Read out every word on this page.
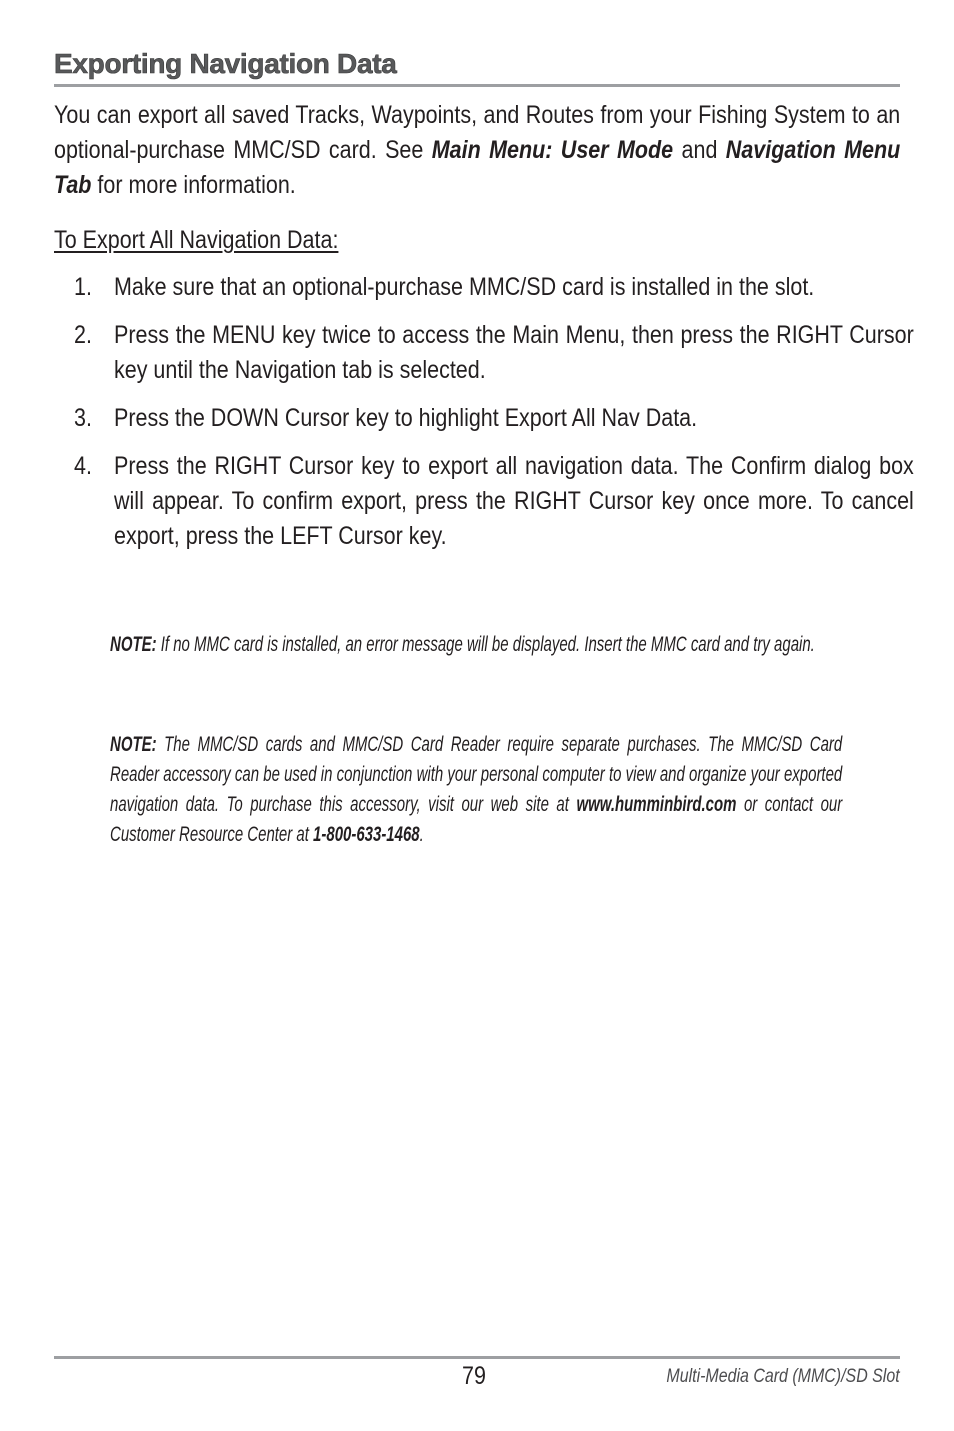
Exporting Navigation Data

You can export all saved Tracks, Waypoints, and Routes from your Fishing System to an optional-purchase MMC/SD card. See Main Menu: User Mode and Navigation Menu Tab for more information.

To Export All Navigation Data:
1. Make sure that an optional-purchase MMC/SD card is installed in the slot.
2. Press the MENU key twice to access the Main Menu, then press the RIGHT Cursor key until the Navigation tab is selected.
3. Press the DOWN Cursor key to highlight Export All Nav Data.
4. Press the RIGHT Cursor key to export all navigation data. The Confirm dialog box will appear. To confirm export, press the RIGHT Cursor key once more. To cancel export, press the LEFT Cursor key.
NOTE: If no MMC card is installed, an error message will be displayed. Insert the MMC card and try again.
NOTE: The MMC/SD cards and MMC/SD Card Reader require separate purchases. The MMC/SD Card Reader accessory can be used in conjunction with your personal computer to view and organize your exported navigation data. To purchase this accessory, visit our web site at www.humminbird.com or contact our Customer Resource Center at 1-800-633-1468.
79	Multi-Media Card (MMC)/SD Slot
